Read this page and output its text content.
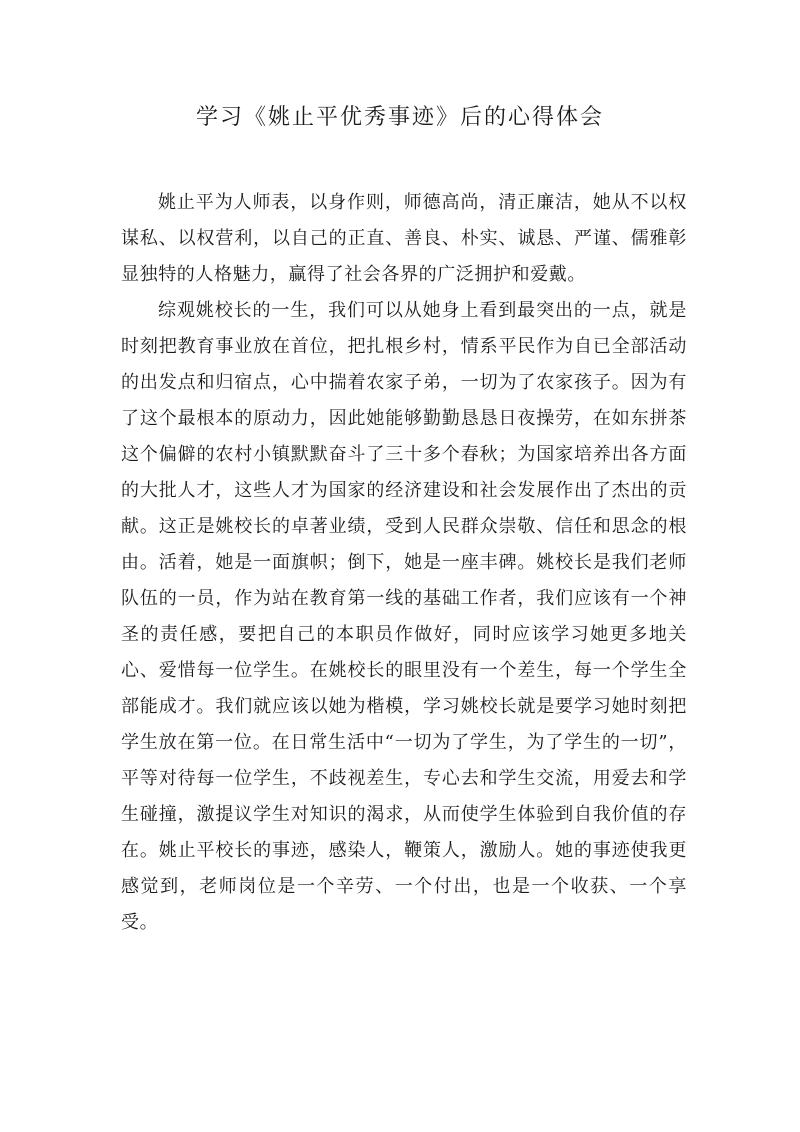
学习《姚止平优秀事迹》后的心得体会

姚止平为人师表，以身作则，师德高尚，清正廉洁，她从不以权谋私、以权营利，以自己的正直、善良、朴实、诚恳、严谨、儒雅彰显独特的人格魅力，赢得了社会各界的广泛拥护和爱戴。

综观姚校长的一生，我们可以从她身上看到最突出的一点，就是时刻把教育事业放在首位，把扎根乡村，情系平民作为自已全部活动的出发点和归宿点，心中揣着农家子弟，一切为了农家孩子。因为有了这个最根本的原动力，因此她能够勤勤恳恳日夜操劳，在如东拼茶这个偏僻的农村小镇默默奋斗了三十多个春秋；为国家培养出各方面的大批人才，这些人才为国家的经济建设和社会发展作出了杰出的贡献。这正是姚校长的卓著业绩，受到人民群众崇敬、信任和思念的根由。活着，她是一面旗帜；倒下，她是一座丰碑。姚校长是我们老师队伍的一员，作为站在教育第一线的基础工作者，我们应该有一个神圣的责任感，要把自己的本职员作做好，同时应该学习她更多地关心、爱惜每一位学生。在姚校长的眼里没有一个差生，每一个学生全部能成才。我们就应该以她为楷模，学习姚校长就是要学习她时刻把学生放在第一位。在日常生活中“一切为了学生，为了学生的一切”，平等对待每一位学生，不歧视差生，专心去和学生交流，用爱去和学生碰撞，激提议学生对知识的渴求，从而使学生体验到自我价值的存在。姚止平校长的事迹，感染人，鞭策人，激励人。她的事迹使我更感觉到，老师岗位是一个辛劳、一个付出，也是一个收获、一个享受。
